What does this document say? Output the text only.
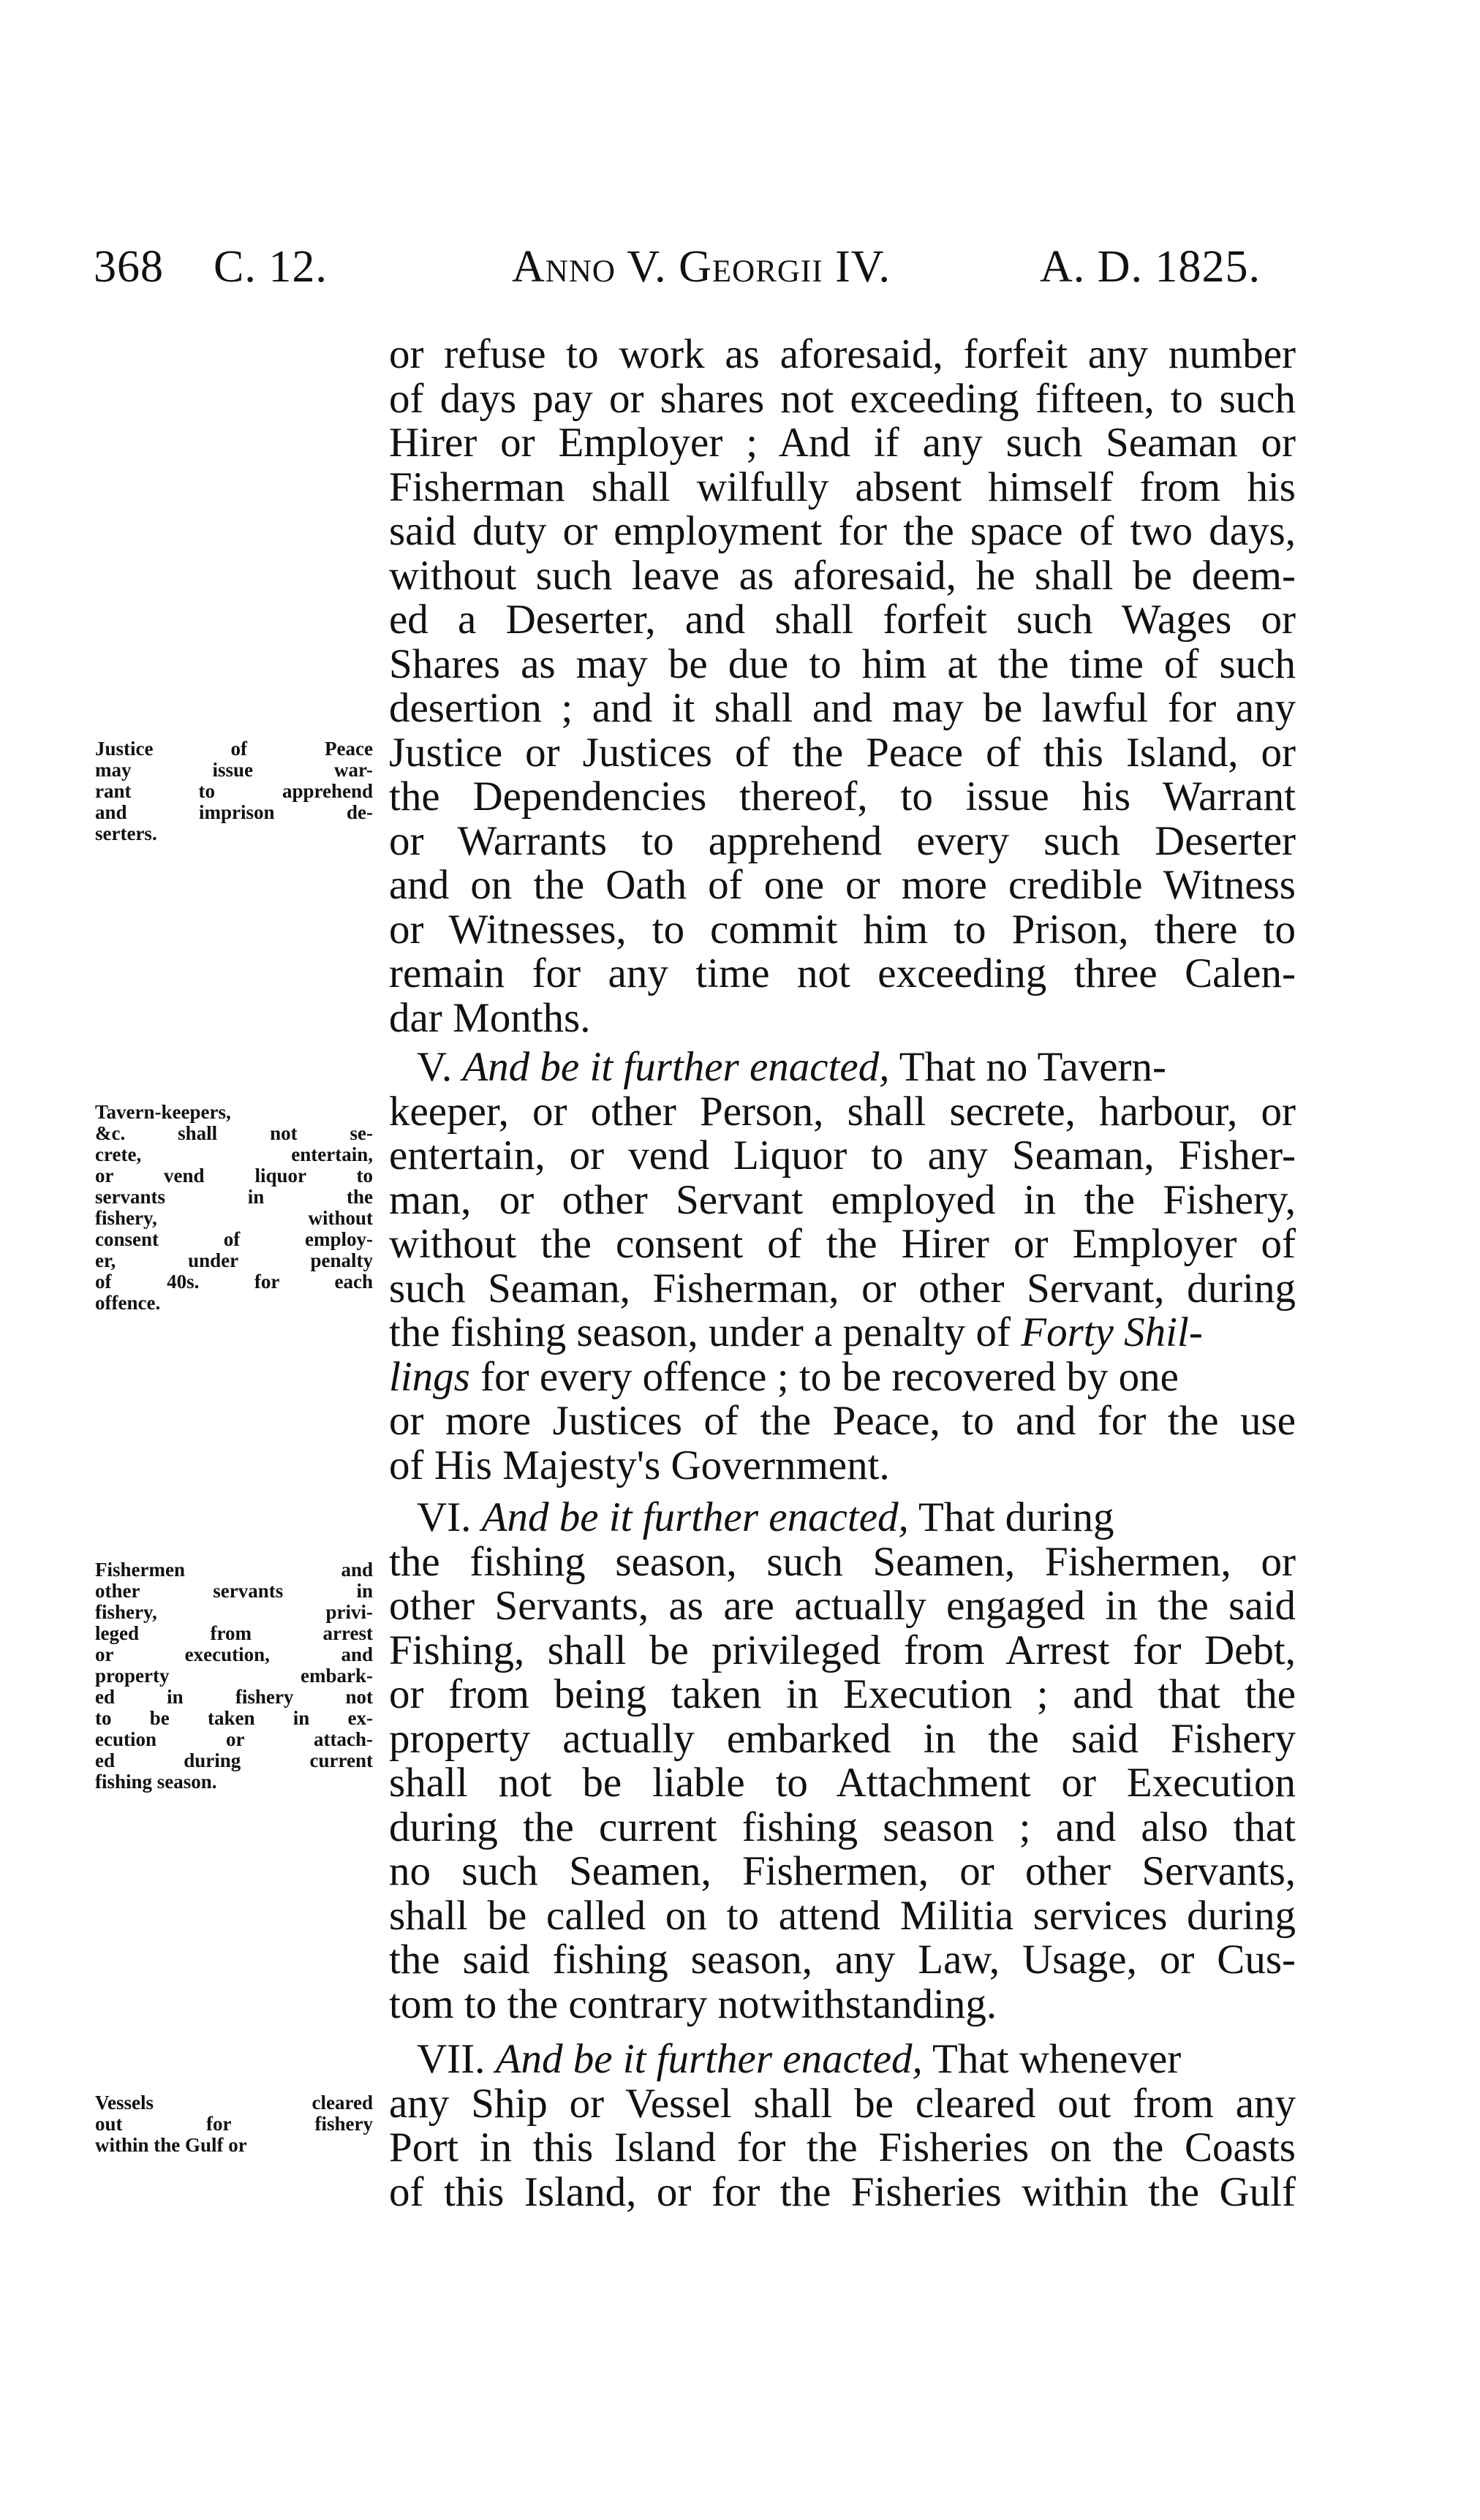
368 C. 12.	Anno V. Georgii IV.	A. D. 1825.
or refuse to work as aforesaid, forfeit any number
of days pay or shares not exceeding fifteen, to such
Hirer or Employer ; And if any such Seaman or
Fisherman shall wilfully absent himself from his
said duty or employment for the space of two days,
without such leave as aforesaid, he shall be deem-
ed a Deserter, and shall forfeit such Wages or
Shares as may be due to him at the time of such
desertion ; and it shall and may be lawful for any
Justice or Justices of the Peace of this Island, or
the Dependencies thereof, to issue his Warrant
or Warrants to apprehend every such Deserter
and on the Oath of one or more credible Witness
or Witnesses, to commit him to Prison, there to
remain for any time not exceeding three Calen-
dar Months.
V. And be it further enacted, That no Tavern-
keeper, or other Person, shall secrete, harbour, or
entertain, or vend Liquor to any Seaman, Fisher-
man, or other Servant employed in the Fishery,
without the consent of the Hirer or Employer of
such Seaman, Fisherman, or other Servant, during
the fishing season, under a penalty of Forty Shil-
lings for every offence ; to be recovered by one
or more Justices of the Peace, to and for the use
of His Majesty's Government.
VI. And be it further enacted, That during
the fishing season, such Seamen, Fishermen, or
other Servants, as are actually engaged in the said
Fishing, shall be privileged from Arrest for Debt,
or from being taken in Execution ; and that the
property actually embarked in the said Fishery
shall not be liable to Attachment or Execution
during the current fishing season ; and also that
no such Seamen, Fishermen, or other Servants,
shall be called on to attend Militia services during
the said fishing season, any Law, Usage, or Cus-
tom to the contrary notwithstanding.
VII. And be it further enacted, That whenever
any Ship or Vessel shall be cleared out from any
Port in this Island for the Fisheries on the Coasts
of this Island, or for the Fisheries within the Gulf
Justice of Peace
may issue war-
rant to apprehend
and imprison de-
serters.
Tavern-keepers,
&c. shall not se-
crete, entertain,
or vend liquor to
servants in the
fishery, without
consent of employ-
er, under penalty
of 40s. for each
offence.
Fishermen and
other servants in
fishery, privi-
leged from arrest
or execution, and
property embark-
ed in fishery not
to be taken in ex-
ecution or attach-
ed during current
fishing season.
Vessels cleared
out for fishery
within the Gulf or
